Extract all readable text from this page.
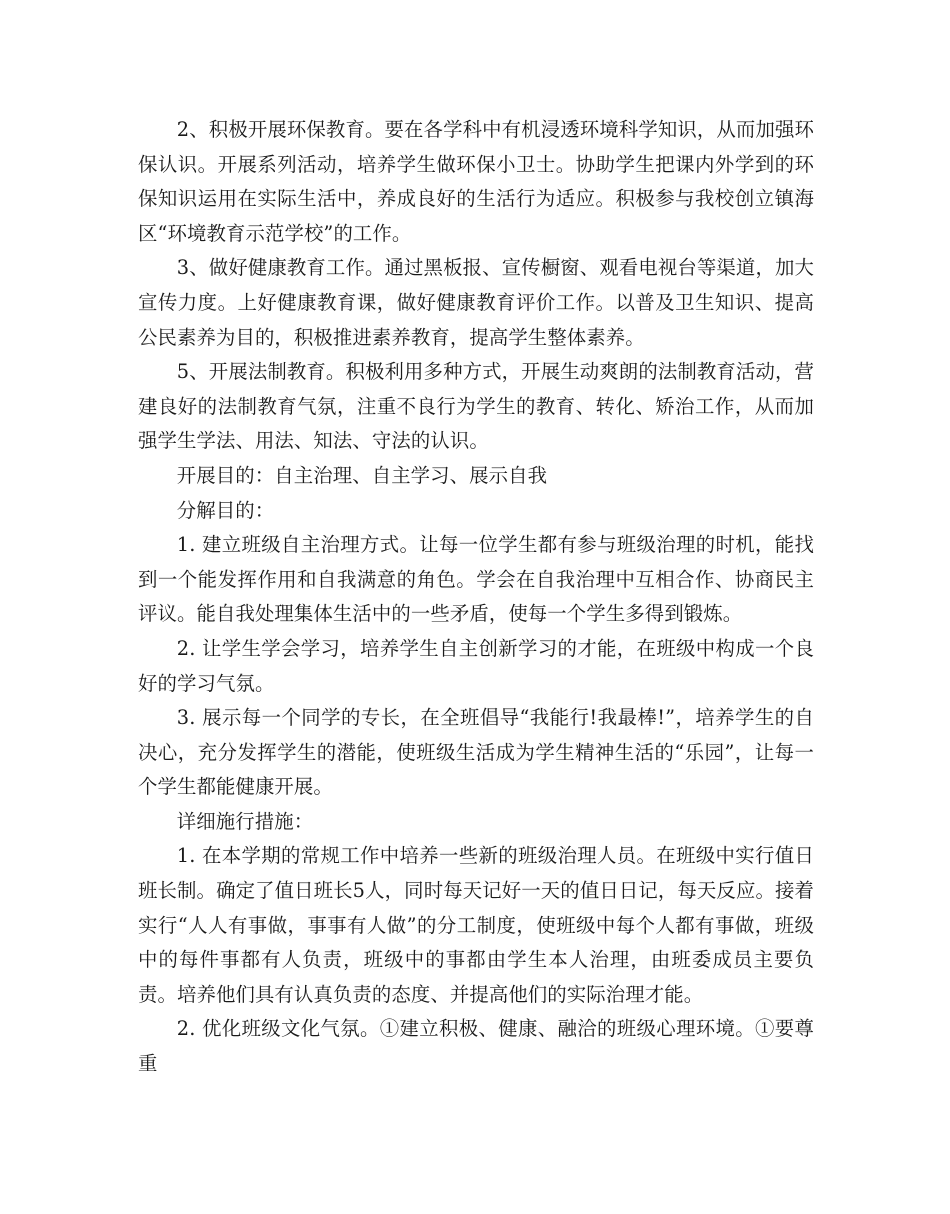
2、积极开展环保教育。要在各学科中有机浸透环境科学知识，从而加强环保认识。开展系列活动，培养学生做环保小卫士。协助学生把课内外学到的环保知识运用在实际生活中，养成良好的生活行为适应。积极参与我校创立镇海区“环境教育示范学校”的工作。

3、做好健康教育工作。通过黑板报、宣传橱窗、观看电视台等渠道，加大宣传力度。上好健康教育课，做好健康教育评价工作。以普及卫生知识、提高公民素养为目的，积极推进素养教育，提高学生整体素养。

5、开展法制教育。积极利用多种方式，开展生动爽朗的法制教育活动，营建良好的法制教育气氛，注重不良行为学生的教育、转化、矫治工作，从而加强学生学法、用法、知法、守法的认识。

开展目的：自主治理、自主学习、展示自我

分解目的：

1. 建立班级自主治理方式。让每一位学生都有参与班级治理的时机，能找到一个能发挥作用和自我满意的角色。学会在自我治理中互相合作、协商民主评议。能自我处理集体生活中的一些矛盾，使每一个学生多得到锻炼。

2. 让学生学会学习，培养学生自主创新学习的才能，在班级中构成一个良好的学习气氛。

3. 展示每一个同学的专长，在全班倡导“我能行!我最棒!”，培养学生的自决心，充分发挥学生的潜能，使班级生活成为学生精神生活的“乐园”，让每一个学生都能健康开展。

详细施行措施：

1. 在本学期的常规工作中培养一些新的班级治理人员。在班级中实行值日班长制。确定了值日班长5人，同时每天记好一天的值日日记，每天反应。接着实行“人人有事做，事事有人做”的分工制度，使班级中每个人都有事做，班级中的每件事都有人负责，班级中的事都由学生本人治理，由班委成员主要负责。培养他们具有认真负责的态度、并提高他们的实际治理才能。

2. 优化班级文化气氛。①建立积极、健康、融洽的班级心理环境。①要尊重
